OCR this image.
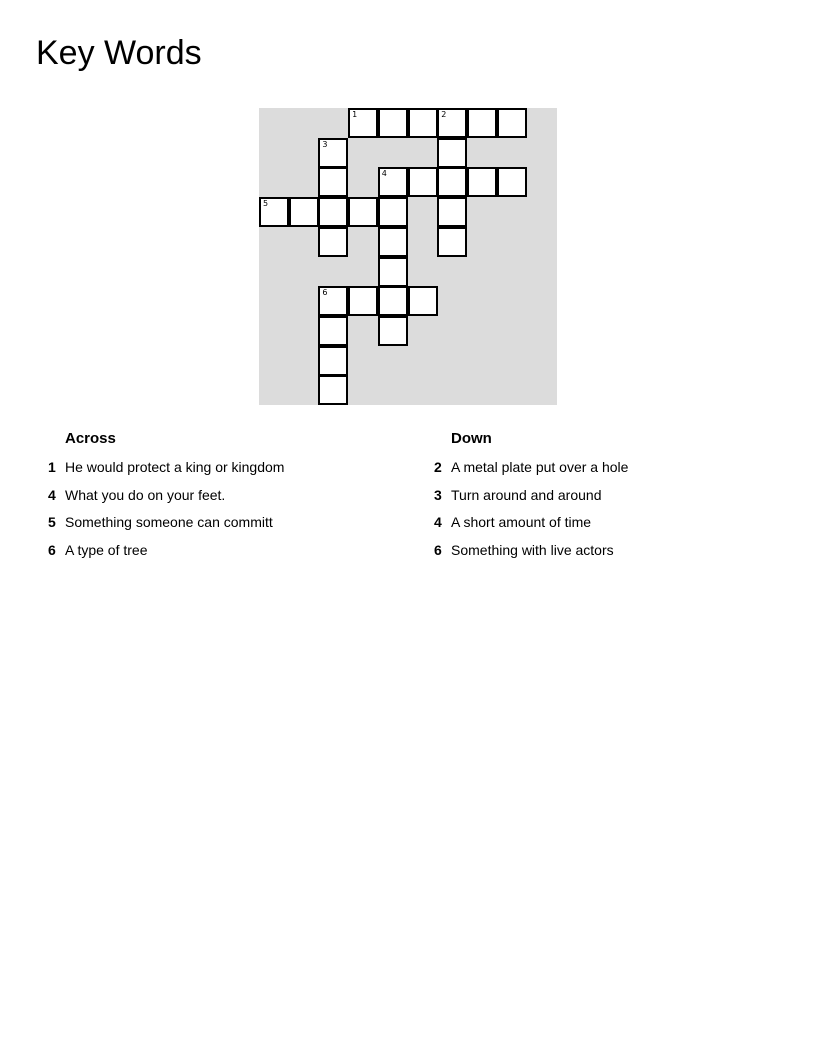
Key Words
1	2
3
4
5
6
Across
1 He would protect a king or kingdom
4 What you do on your feet.
5 Something someone can committ
6 A type of tree
Down
2 A metal plate put over a hole
3 Turn around and around
4 A short amount of time
6 Something with live actors
